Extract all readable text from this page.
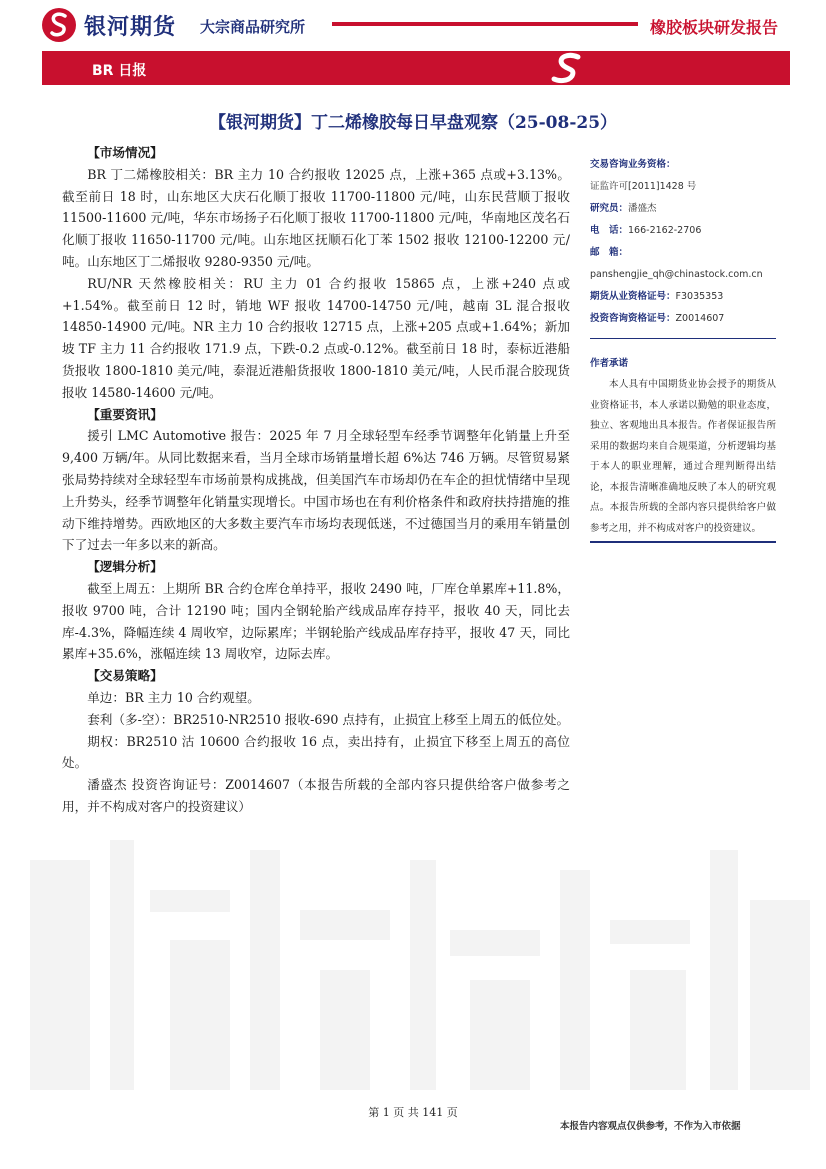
银河期货 大宗商品研究所	橡胶板块研发报告
BR 日报
【银河期货】丁二烯橡胶每日早盘观察（25-08-25）
【市场情况】

BR 丁二烯橡胶相关：BR 主力 10 合约报收 12025 点，上涨+365 点或+3.13%。截至前日 18 时，山东地区大庆石化顺丁报收 11700-11800 元/吨，山东民营顺丁报收 11500-11600 元/吨，华东市场扬子石化顺丁报收 11700-11800 元/吨，华南地区茂名石化顺丁报收 11650-11700 元/吨。山东地区抚顺石化丁苯 1502 报收 12100-12200 元/吨。山东地区丁二烯报收 9280-9350 元/吨。

RU/NR 天然橡胶相关：RU 主力 01 合约报收 15865 点，上涨+240 点或+1.54%。截至前日 12 时，销地 WF 报收 14700-14750 元/吨，越南 3L 混合报收 14850-14900 元/吨。NR 主力 10 合约报收 12715 点，上涨+205 点或+1.64%；新加坡 TF 主力 11 合约报收 171.9 点，下跌-0.2 点或-0.12%。截至前日 18 时，泰标近港船货报收 1800-1810 美元/吨，泰混近港船货报收 1800-1810 美元/吨，人民币混合胶现货报收 14580-14600 元/吨。

【重要资讯】

援引 LMC Automotive 报告：2025 年 7 月全球轻型车经季节调整年化销量上升至 9,400 万辆/年。从同比数据来看，当月全球市场销量增长超 6%达 746 万辆。尽管贸易紧张局势持续对全球轻型车市场前景构成挑战，但美国汽车市场却仍在车企的担忧情绪中呈现上升势头，经季节调整年化销量实现增长。中国市场也在有利价格条件和政府扶持措施的推动下维持增势。西欧地区的大多数主要汽车市场均表现低迷，不过德国当月的乘用车销量创下了过去一年多以来的新高。

【逻辑分析】

截至上周五：上期所 BR 合约仓库仓单持平，报收 2490 吨，厂库仓单累库+11.8%，报收 9700 吨，合计 12190 吨；国内全钢轮胎产线成品库存持平，报收 40 天，同比去库-4.3%，降幅连续 4 周收窄，边际累库；半钢轮胎产线成品库存持平，报收 47 天，同比累库+35.6%，涨幅连续 13 周收窄，边际去库。

【交易策略】

单边：BR 主力 10 合约观望。

套利（多-空）：BR2510-NR2510 报收-690 点持有，止损宜上移至上周五的低位处。

期权：BR2510 沽 10600 合约报收 16 点，卖出持有，止损宜下移至上周五的高位处。

潘盛杰 投资咨询证号：Z0014607（本报告所载的全部内容只提供给客户做参考之用，并不构成对客户的投资建议）

交易咨询业务资格：
证监许可[2011]1428 号
研究员：潘盛杰
电　话：166-2162-2706
邮　箱：
panshengjie_qh@chinastock.com.cn
期货从业资格证号：F3035353
投资咨询资格证号：Z0014607
作者承诺
本人具有中国期货业协会授予的期货从业资格证书，本人承诺以勤勉的职业态度，独立、客观地出具本报告。作者保证报告所采用的数据均来自合规渠道，分析逻辑均基于本人的职业理解，通过合理判断得出结论，本报告清晰准确地反映了本人的研究观点。本报告所载的全部内容只提供给客户做参考之用，并不构成对客户的投资建议。
第 1 页 共 141 页
本报告内容观点仅供参考，不作为入市依据
